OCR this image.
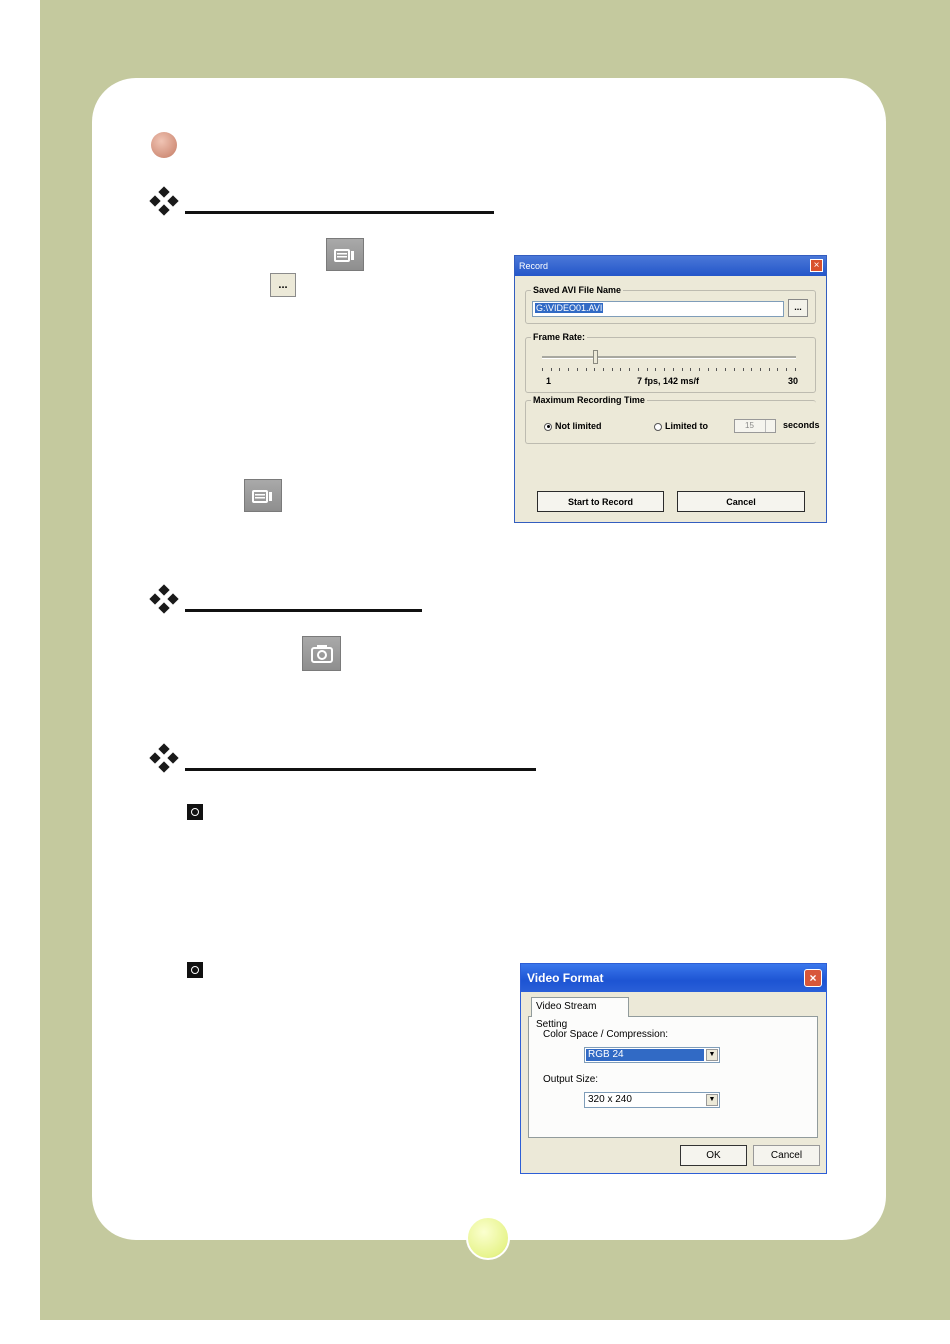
...
Record	×
Saved AVI File Name
G:\VIDEO01.AVI	...
Frame Rate:
1	7 fps, 142 ms/f	30
Maximum Recording Time
Not limited	Limited to	15	seconds
Start to Record	Cancel
Video Format	×
Color Space / Compression:
RGB 24	▼
Output Size:
320 x 240	▼
Video Stream Setting
OK	Cancel
